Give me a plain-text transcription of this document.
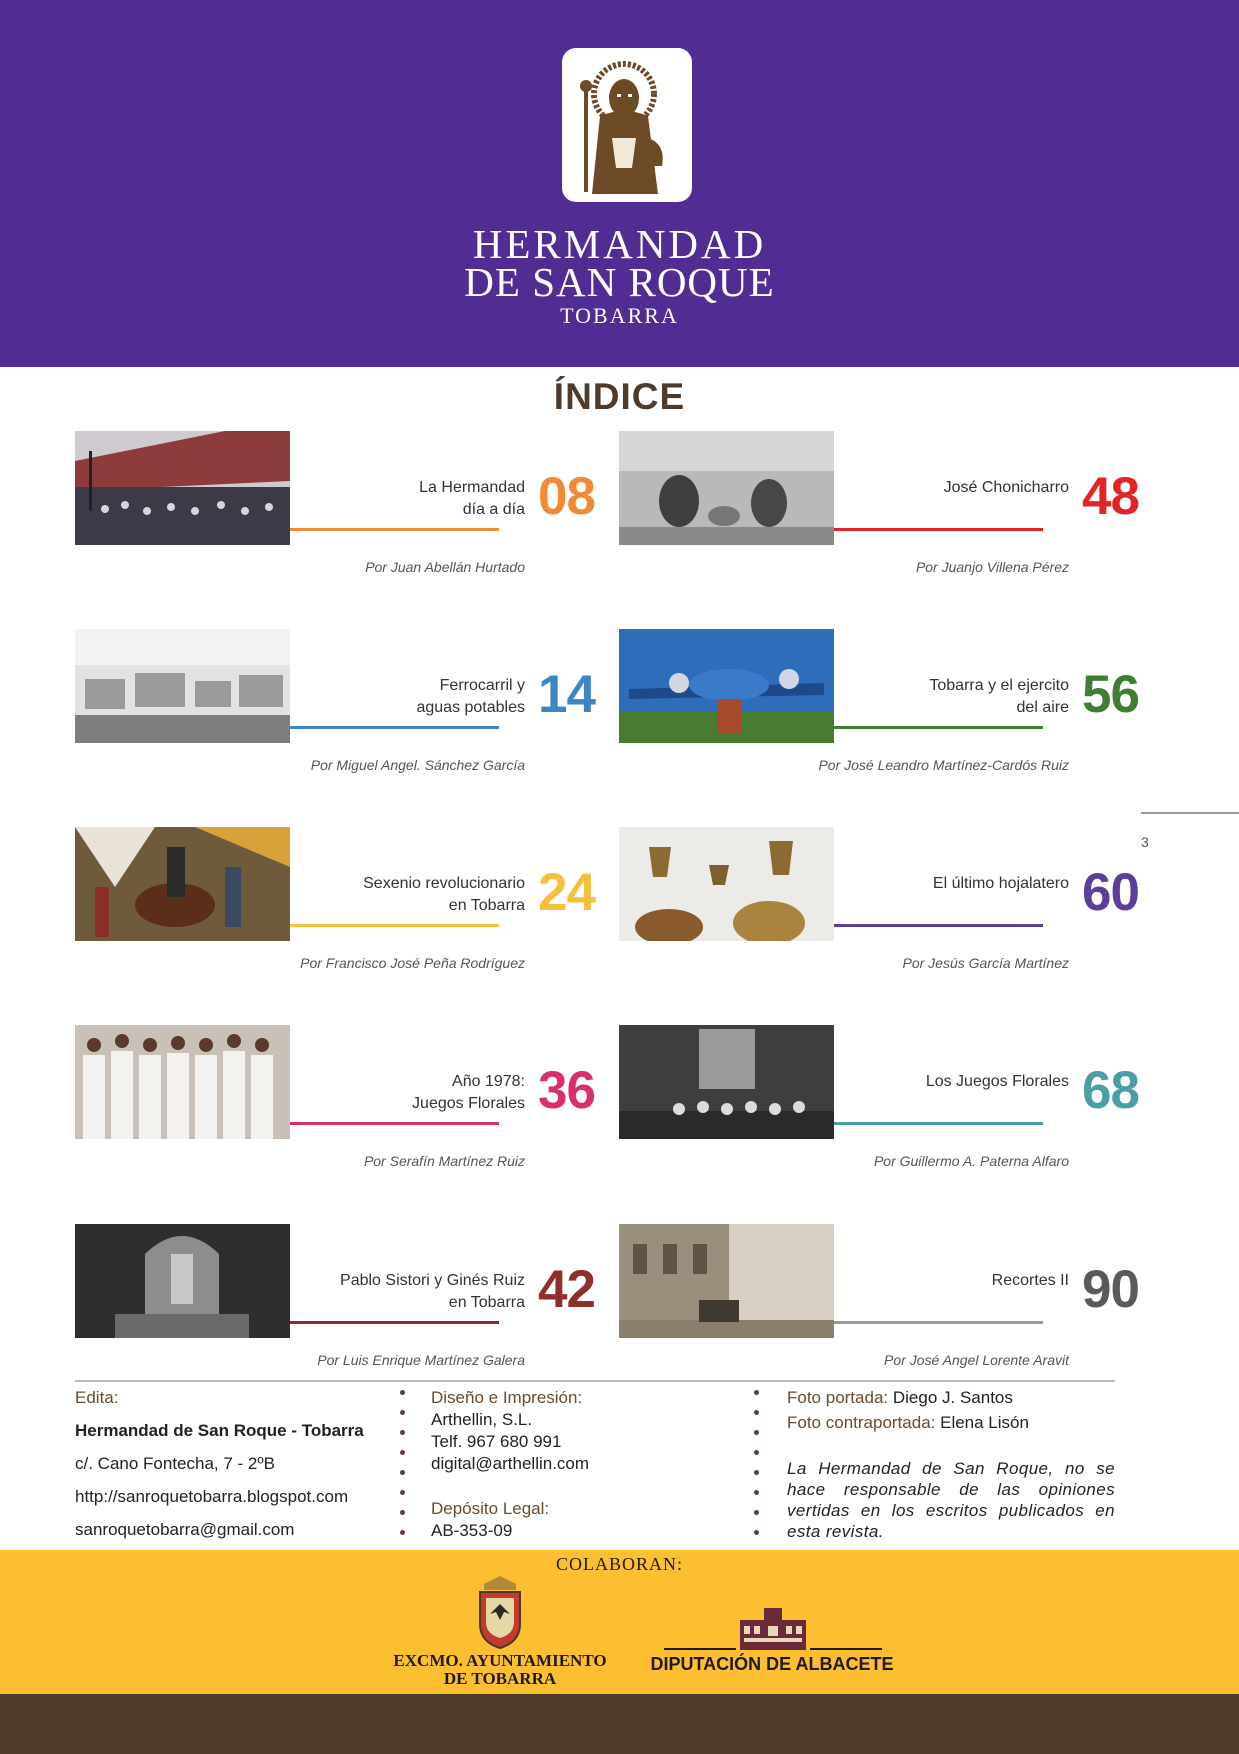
HERMANDAD
DE SAN ROQUE
TOBARRA
ÍNDICE
La Hermandad
día a día 08
Por Juan Abellán Hurtado
José Chonicharro 48
Por Juanjo Villena Pérez
Ferrocarril y
aguas potables 14
Por Miguel Angel. Sánchez García
Tobarra y el ejercito
del aire 56
Por José Leandro Martínez-Cardós Ruiz
Sexenio revolucionario
en Tobarra 24
Por Francisco José Peña Rodríguez
El último hojalatero 60
Por Jesús García Martínez
Año 1978:
Juegos Florales 36
Por Serafín Martínez Ruiz
Los Juegos Florales 68
Por Guillermo A. Paterna Alfaro
Pablo Sistori y Ginés Ruiz
en Tobarra 42
Por Luis Enrique Martínez Galera
Recortes II 90
Por José Angel Lorente Aravit
3
Edita:
Hermandad de San Roque - Tobarra
c/. Cano Fontecha, 7 - 2ºB
http://sanroquetobarra.blogspot.com
sanroquetobarra@gmail.com
Diseño e Impresión:
Arthellin, S.L.
Telf. 967 680 991
digital@arthellin.com
Depósito Legal:
AB-353-09
Foto portada: Diego J. Santos
Foto contraportada: Elena Lisón
La Hermandad de San Roque, no se hace responsable de las opiniones vertidas en los escritos publicados en esta revista.
COLABORAN:
EXCMO. AYUNTAMIENTO
DE TOBARRA
DIPUTACIÓN DE ALBACETE
